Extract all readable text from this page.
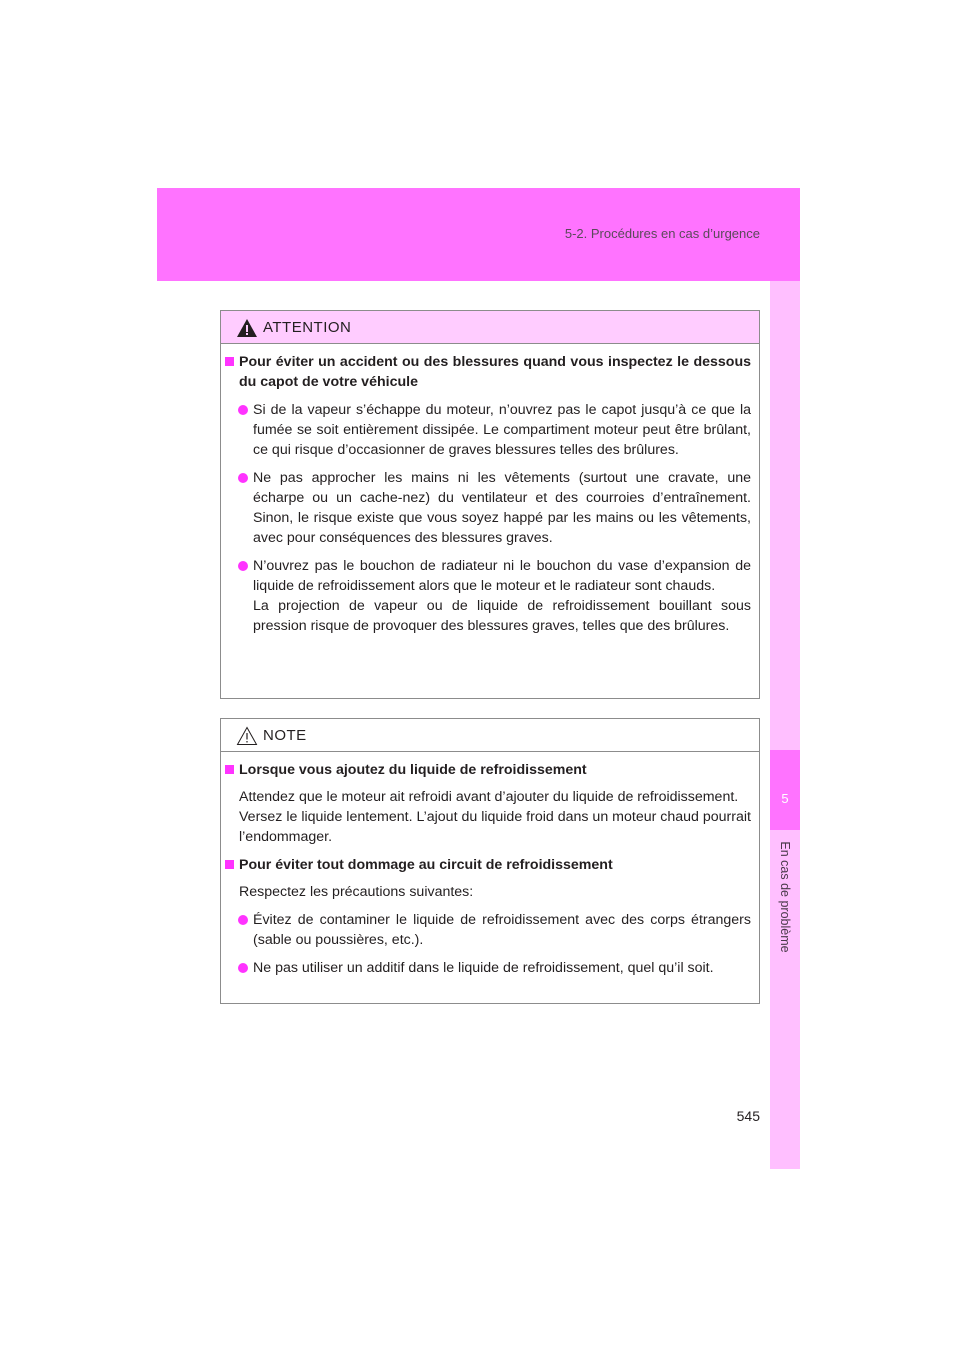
5-2. Procédures en cas d’urgence
5
En cas de problème
ATTENTION
Pour éviter un accident ou des blessures quand vous inspectez le dessous du capot de votre véhicule
Si de la vapeur s’échappe du moteur, n’ouvrez pas le capot jusqu’à ce que la fumée se soit entièrement dissipée. Le compartiment moteur peut être brûlant, ce qui risque d’occasionner de graves blessures telles des brûlures.
Ne pas approcher les mains ni les vêtements (surtout une cravate, une écharpe ou un cache-nez) du ventilateur et des courroies d’entraînement. Sinon, le risque existe que vous soyez happé par les mains ou les vêtements, avec pour conséquences des blessures graves.
N’ouvrez pas le bouchon de radiateur ni le bouchon du vase d’expansion de liquide de refroidissement alors que le moteur et le radiateur sont chauds.
La projection de vapeur ou de liquide de refroidissement bouillant sous pression risque de provoquer des blessures graves, telles que des brûlures.
NOTE
Lorsque vous ajoutez du liquide de refroidissement
Attendez que le moteur ait refroidi avant d’ajouter du liquide de refroidissement.
Versez le liquide lentement. L’ajout du liquide froid dans un moteur chaud pourrait l’endommager.
Pour éviter tout dommage au circuit de refroidissement
Respectez les précautions suivantes:
Évitez de contaminer le liquide de refroidissement avec des corps étrangers (sable ou poussières, etc.).
Ne pas utiliser un additif dans le liquide de refroidissement, quel qu’il soit.
545
